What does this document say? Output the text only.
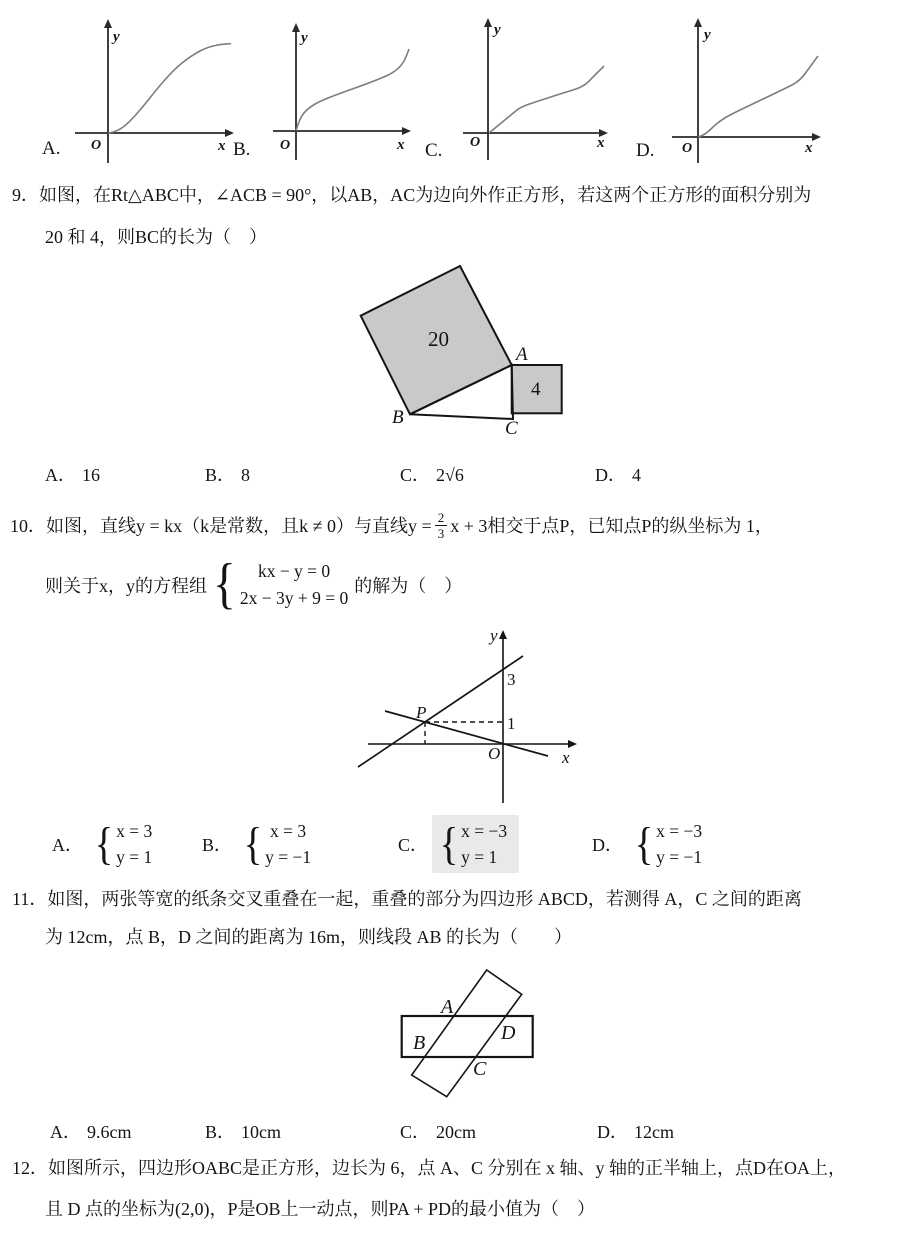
A.	B.	C.	D.
y
O	x
y
O	x
y
O	x
y
O	x
9．如图，在Rt△ABC中，∠ACB = 90°，以AB，AC为边向外作正方形，若这两个正方形的面积分别为
20 和 4，则BC的长为（　）
20
4
A
B
C
A． 16	B． 8	C． 2√6	D． 4
10．如图，直线y = kx（k是常数，且k ≠ 0）与直线$y = \frac{2}{3}$ x + 3相交于点P，已知点P的纵坐标为 1，
则关于x，y的方程组 {	kx − y = 0
2x − 3y + 9 = 0
的解为（　）
y
x
O
P
3
1
A． { x = 3
y = 1
B． { x = 3
y = −1
C． { x = −3
y = 1
D． { x = −3
y = −1
11．如图，两张等宽的纸条交叉重叠在一起，重叠的部分为四边形 ABCD，若测得 A，C 之间的距离
为 12cm，点 B，D 之间的距离为 16m，则线段 AB 的长为（　　）
A
B
C
D
A． 9.6cm	B． 10cm	C． 20cm	D． 12cm
12．如图所示，四边形OABC是正方形，边长为 6，点 A、C 分别在 x 轴、y 轴的正半轴上，点D在OA上，
且 D 点的坐标为(2,0)，P是OB上一动点，则PA + PD的最小值为（　）
